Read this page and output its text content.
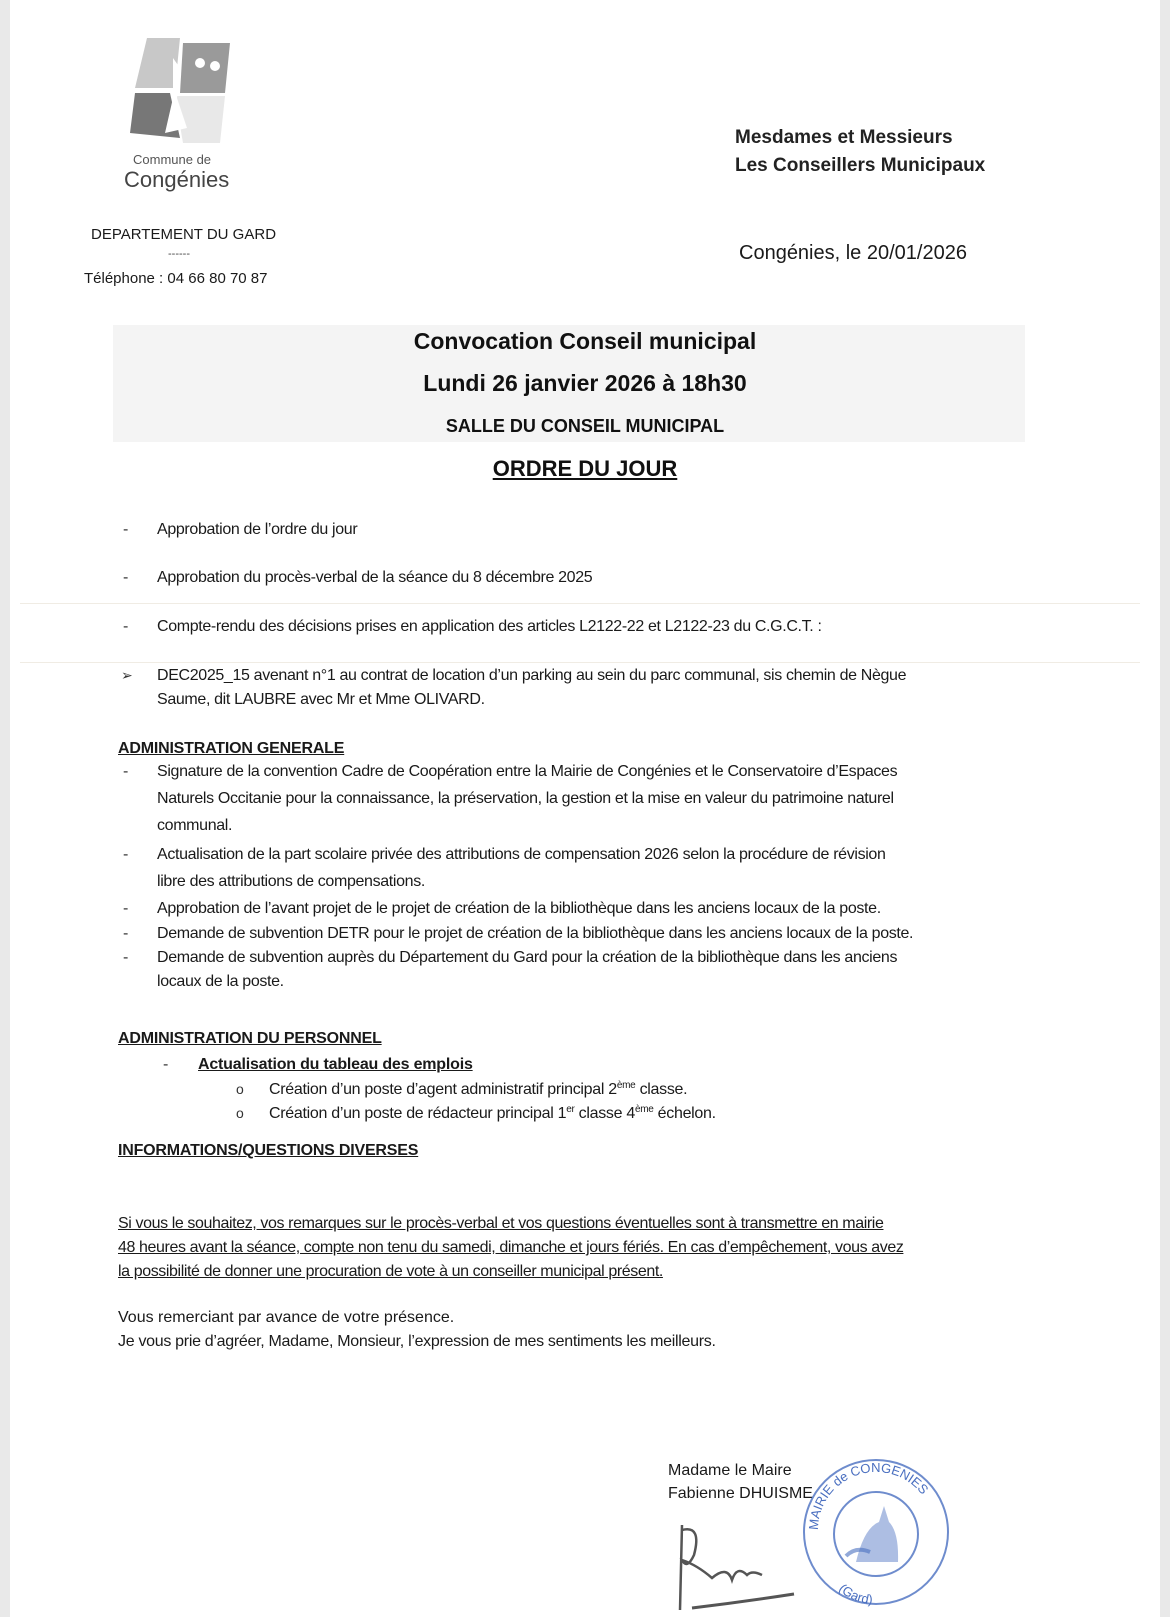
Commune de
Congénies
DEPARTEMENT DU GARD
------
Téléphone : 04 66 80 70 87
Mesdames et Messieurs
Les Conseillers Municipaux
Congénies, le 20/01/2026
Convocation Conseil municipal
Lundi 26 janvier 2026 à 18h30
SALLE DU CONSEIL MUNICIPAL
ORDRE DU JOUR
- Approbation de l’ordre du jour
- Approbation du procès-verbal de la séance du 8 décembre 2025
- Compte-rendu des décisions prises en application des articles L2122-22 et L2122-23 du C.G.C.T. :
➢ DEC2025_15 avenant n°1 au contrat de location d’un parking au sein du parc communal, sis chemin de Nègue
Saume, dit LAUBRE avec Mr et Mme OLIVARD.
ADMINISTRATION GENERALE
- Signature de la convention Cadre de Coopération entre la Mairie de Congénies et le Conservatoire d’Espaces
Naturels Occitanie pour la connaissance, la préservation, la gestion et la mise en valeur du patrimoine naturel
communal.
- Actualisation de la part scolaire privée des attributions de compensation 2026 selon la procédure de révision
libre des attributions de compensations.
- Approbation de l’avant projet de le projet de création de la bibliothèque dans les anciens locaux de la poste.
- Demande de subvention DETR pour le projet de création de la bibliothèque dans les anciens locaux de la poste.
- Demande de subvention auprès du Département du Gard pour la création de la bibliothèque dans les anciens
locaux de la poste.
ADMINISTRATION DU PERSONNEL
- Actualisation du tableau des emplois
o Création d’un poste d’agent administratif principal 2ème classe.
o Création d’un poste de rédacteur principal 1er classe 4ème échelon.
INFORMATIONS/QUESTIONS DIVERSES
Si vous le souhaitez, vos remarques sur le procès-verbal et vos questions éventuelles sont à transmettre en mairie
48 heures avant la séance, compte non tenu du samedi, dimanche et jours fériés. En cas d’empêchement, vous avez
la possibilité de donner une procuration de vote à un conseiller municipal présent.
Vous remerciant par avance de votre présence.
Je vous prie d’agréer, Madame, Monsieur, l’expression de mes sentiments les meilleurs.
Madame le Maire
Fabienne DHUISME
MAIRIE de CONGENIES
(Gard)
